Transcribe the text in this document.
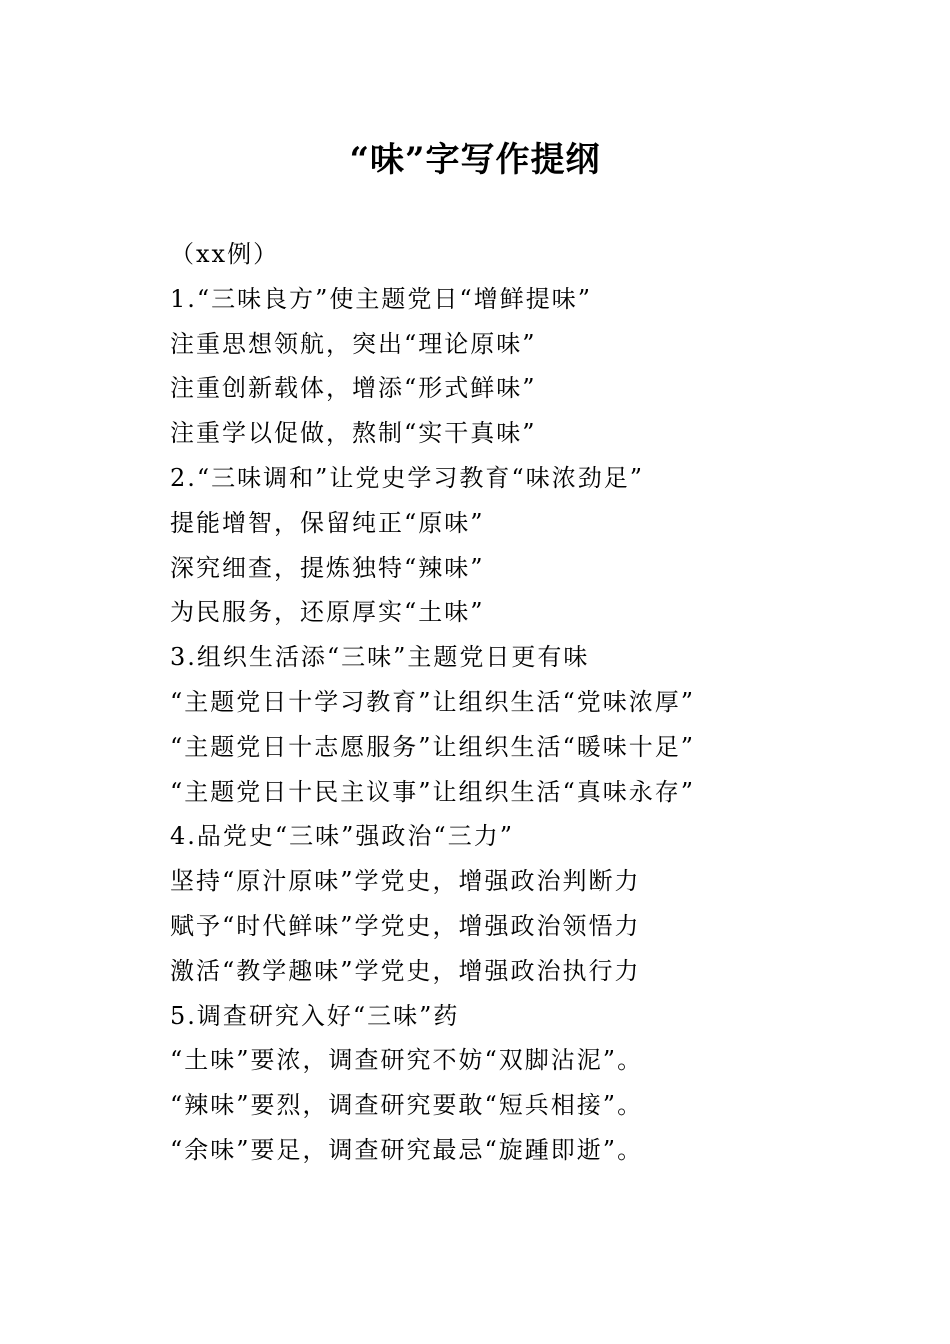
“味”字写作提纲
（xx例）
1.“三味良方”使主题党日“增鲜提味”
注重思想领航，突出“理论原味”
注重创新载体，增添“形式鲜味”
注重学以促做，熬制“实干真味”
2.“三味调和”让党史学习教育“味浓劲足”
提能增智，保留纯正“原味”
深究细查，提炼独特“辣味”
为民服务，还原厚实“土味”
3.组织生活添“三味”主题党日更有味
“主题党日十学习教育”让组织生活“党味浓厚”
“主题党日十志愿服务”让组织生活“暖味十足”
“主题党日十民主议事”让组织生活“真味永存”
4.品党史“三味”强政治“三力”
坚持“原汁原味”学党史，增强政治判断力
赋予“时代鲜味”学党史，增强政治领悟力
激活“教学趣味”学党史，增强政治执行力
5.调查研究入好“三味”药
“土味”要浓，调查研究不妨“双脚沾泥”。
“辣味”要烈，调查研究要敢“短兵相接”。
“余味”要足，调查研究最忌“旋踵即逝”。
